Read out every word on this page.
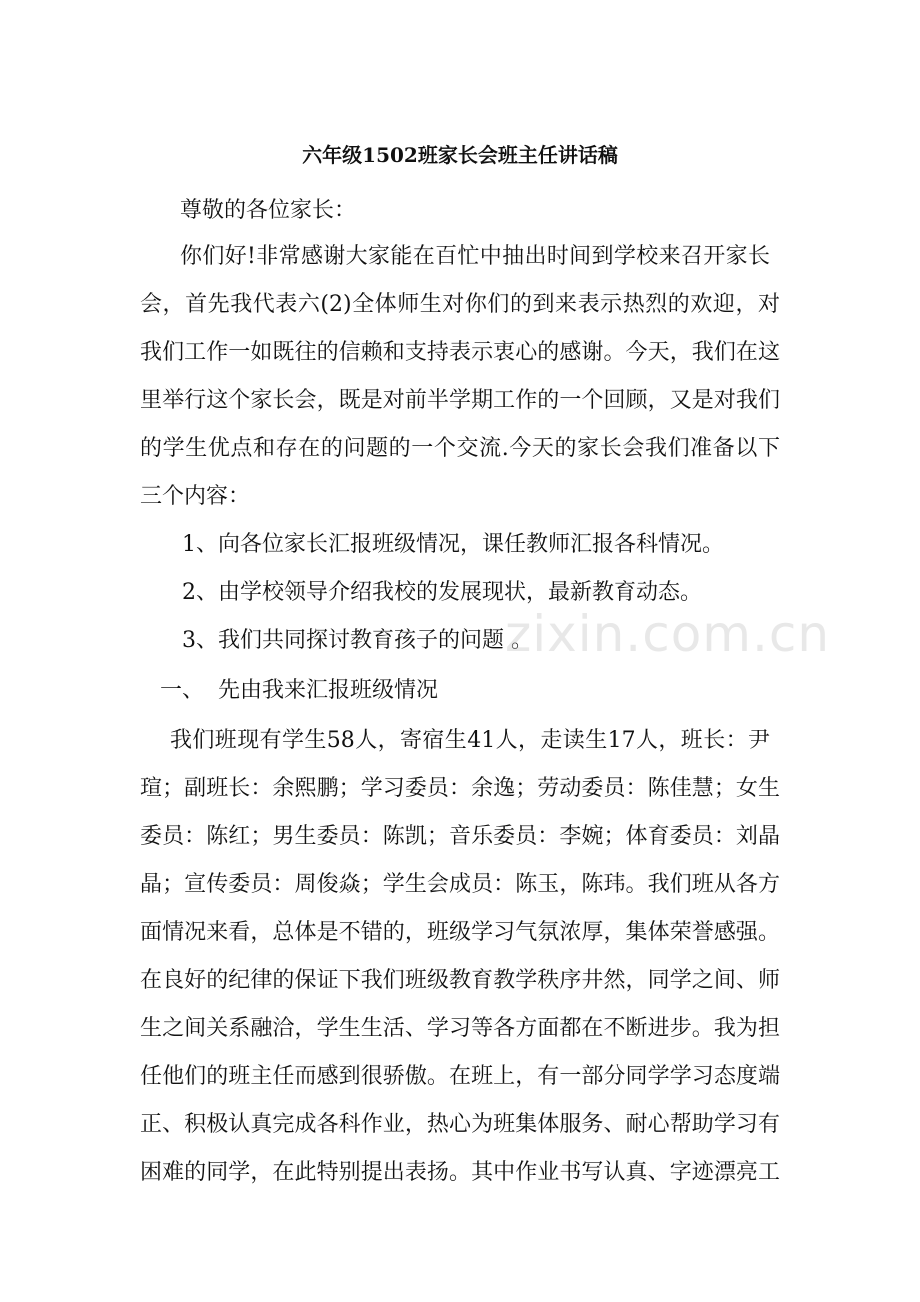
六年级1502班家长会班主任讲话稿
尊敬的各位家长：
你们好!非常感谢大家能在百忙中抽出时间到学校来召开家长
会，首先我代表六(2)全体师生对你们的到来表示热烈的欢迎，对
我们工作一如既往的信赖和支持表示衷心的感谢。今天，我们在这
里举行这个家长会，既是对前半学期工作的一个回顾，又是对我们
的学生优点和存在的问题的一个交流.今天的家长会我们准备以下
三个内容：
1、向各位家长汇报班级情况，课任教师汇报各科情况。
2、由学校领导介绍我校的发展现状，最新教育动态。
3、我们共同探讨教育孩子的问题 。
一、  先由我来汇报班级情况
我们班现有学生58人，寄宿生41人，走读生17人，班长：尹
瑄；副班长：余熙鹏；学习委员：余逸；劳动委员：陈佳慧；女生
委员：陈红；男生委员：陈凯；音乐委员：李婉；体育委员：刘晶
晶；宣传委员：周俊焱；学生会成员：陈玉，陈玮。我们班从各方
面情况来看，总体是不错的，班级学习气氛浓厚，集体荣誉感强。
在良好的纪律的保证下我们班级教育教学秩序井然，同学之间、师
生之间关系融洽，学生生活、学习等各方面都在不断进步。我为担
任他们的班主任而感到很骄傲。在班上，有一部分同学学习态度端
正、积极认真完成各科作业，热心为班集体服务、耐心帮助学习有
困难的同学，在此特别提出表扬。其中作业书写认真、字迹漂亮工
zixin.com.cn
